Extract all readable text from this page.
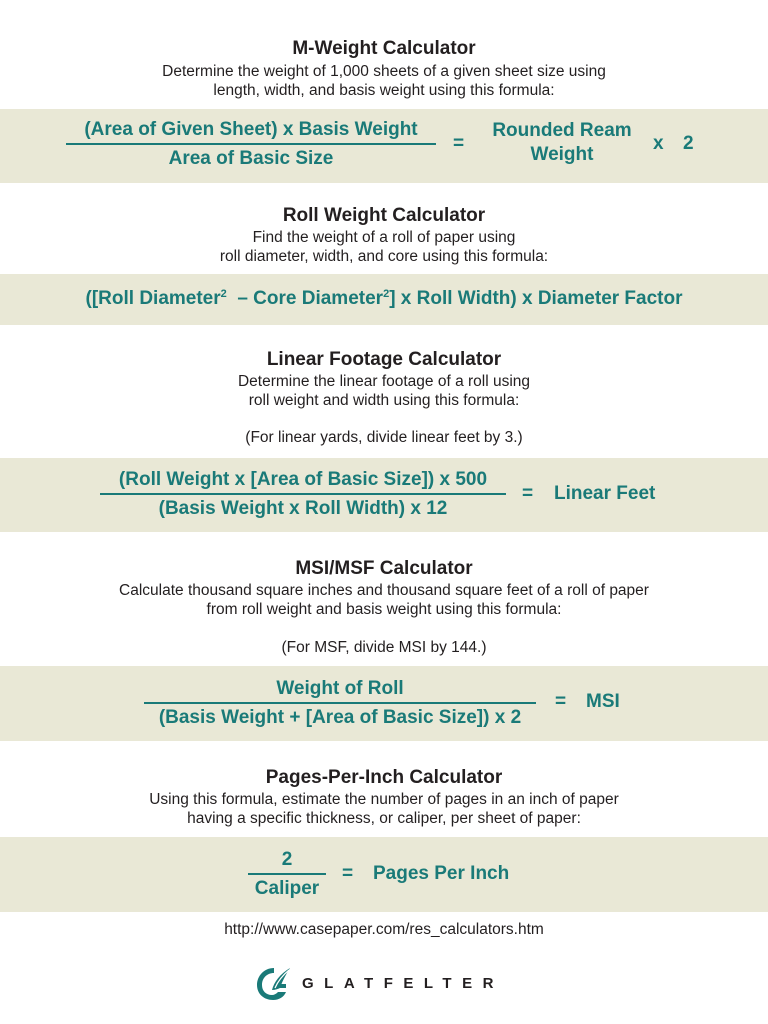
M-Weight Calculator
Determine the weight of 1,000 sheets of a given sheet size using
length, width, and basis weight using this formula:
(Area of Given Sheet) x Basis Weight
Area of Basic Size
=
Rounded Ream
Weight
x 2
Roll Weight Calculator
Find the weight of a roll of paper using
roll diameter, width, and core using this formula:
([Roll Diameter$^2$ – Core Diameter$^2$] x Roll Width) x Diameter Factor
Linear Footage Calculator
Determine the linear footage of a roll using
roll weight and width using this formula:
(For linear yards, divide linear feet by 3.)
(Roll Weight x [Area of Basic Size]) x 500
(Basis Weight x Roll Width) x 12
= Linear Feet
MSI/MSF Calculator
Calculate thousand square inches and thousand square feet of a roll of paper
from roll weight and basis weight using this formula:
(For MSF, divide MSI by 144.)
Weight of Roll
(Basis Weight + [Area of Basic Size]) x 2
= MSI
Pages-Per-Inch Calculator
Using this formula, estimate the number of pages in an inch of paper
having a specific thickness, or caliper, per sheet of paper:
2
Caliper
= Pages Per Inch
http://www.casepaper.com/res_calculators.htm
GLATFELTER
